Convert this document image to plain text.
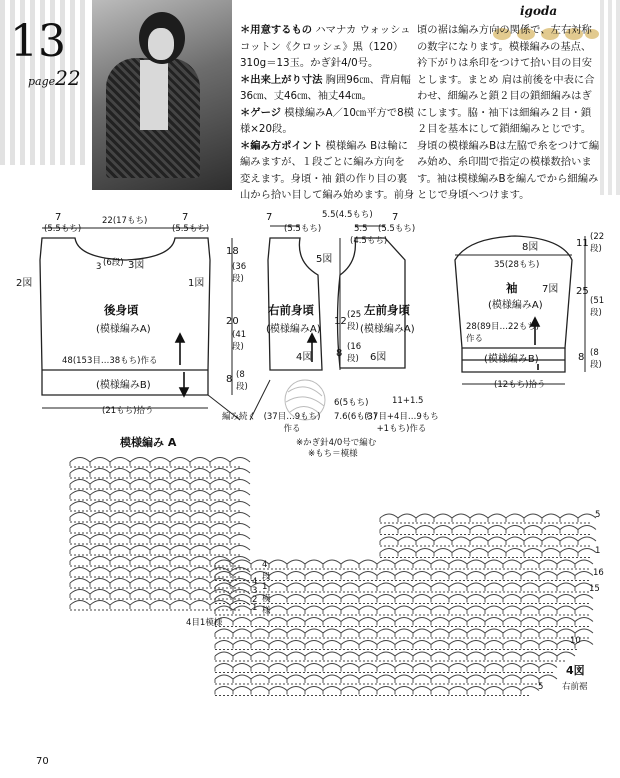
13
page22
igoda
＊用意するもの ハマナカ ウォッシュコットン《クロッシェ》黒（120）310g＝13玉。かぎ針4/0号。
＊出来上がり寸法 胸囲96㎝、背肩幅36㎝、丈46㎝、袖丈44㎝。
＊ゲージ 模様編みA／10㎝平方で8模様×20段。
＊編み方ポイント 模様編み Bは輪に編みますが、１段ごとに編み方向を変えます。身頃・袖 鎖の作り目の裏山から拾い目して編み始めます。前身
頃の裾は編み方向の関係で、左右対称の数字になります。模様編みの基点、衿下がりは糸印をつけて拾い目の目安とします。まとめ 肩は前後を中表に合わせ、細編みと鎖２目の鎖細編みはぎにします。脇・袖下は細編み２目・鎖２目を基本にして鎖細編みとじです。身頃の模様編みBは左脇で糸をつけて編み始め、糸印間で指定の模様数拾います。袖は模様編みBを編んでから細編みとじで身頃へつけます。
7
(5.5もち)
22(17もち)	7
(5.5もち)
3 (6段) 3図
2図	1図
後身頃
(模様編みA)
48(153目…38もち)作る
(模様編みB)
(21もち)拾う
18
(36段)
20
(41段)
8 (8段)
7
(5.5もち)
5.5(4.5もち)
5図
右前身頃
(模様編みA)
4図
12
(25段)
8
(16段)
6(5もち)
7.6(6もち)
(37目…9もち)作る
5.5
(4.5もち)
7
(5.5もち)
左前身頃
(模様編みA)
6図
11+1.5
(37目+4目…9もち+1もち)作る
8図
35(28もち)
袖 7図
(模様編みA)
28(89目…22もち)作る
(模様編みB)
(12もち)拾う
11
(22段)
25
(51段)
8 (8段)
編み続く
※かぎ針4/0号で編む
※もち＝模様
模様編み A
4目1模様
4
3
2
1
4段1模様
4図
右前裾
5
1
16
15
10
5
70
